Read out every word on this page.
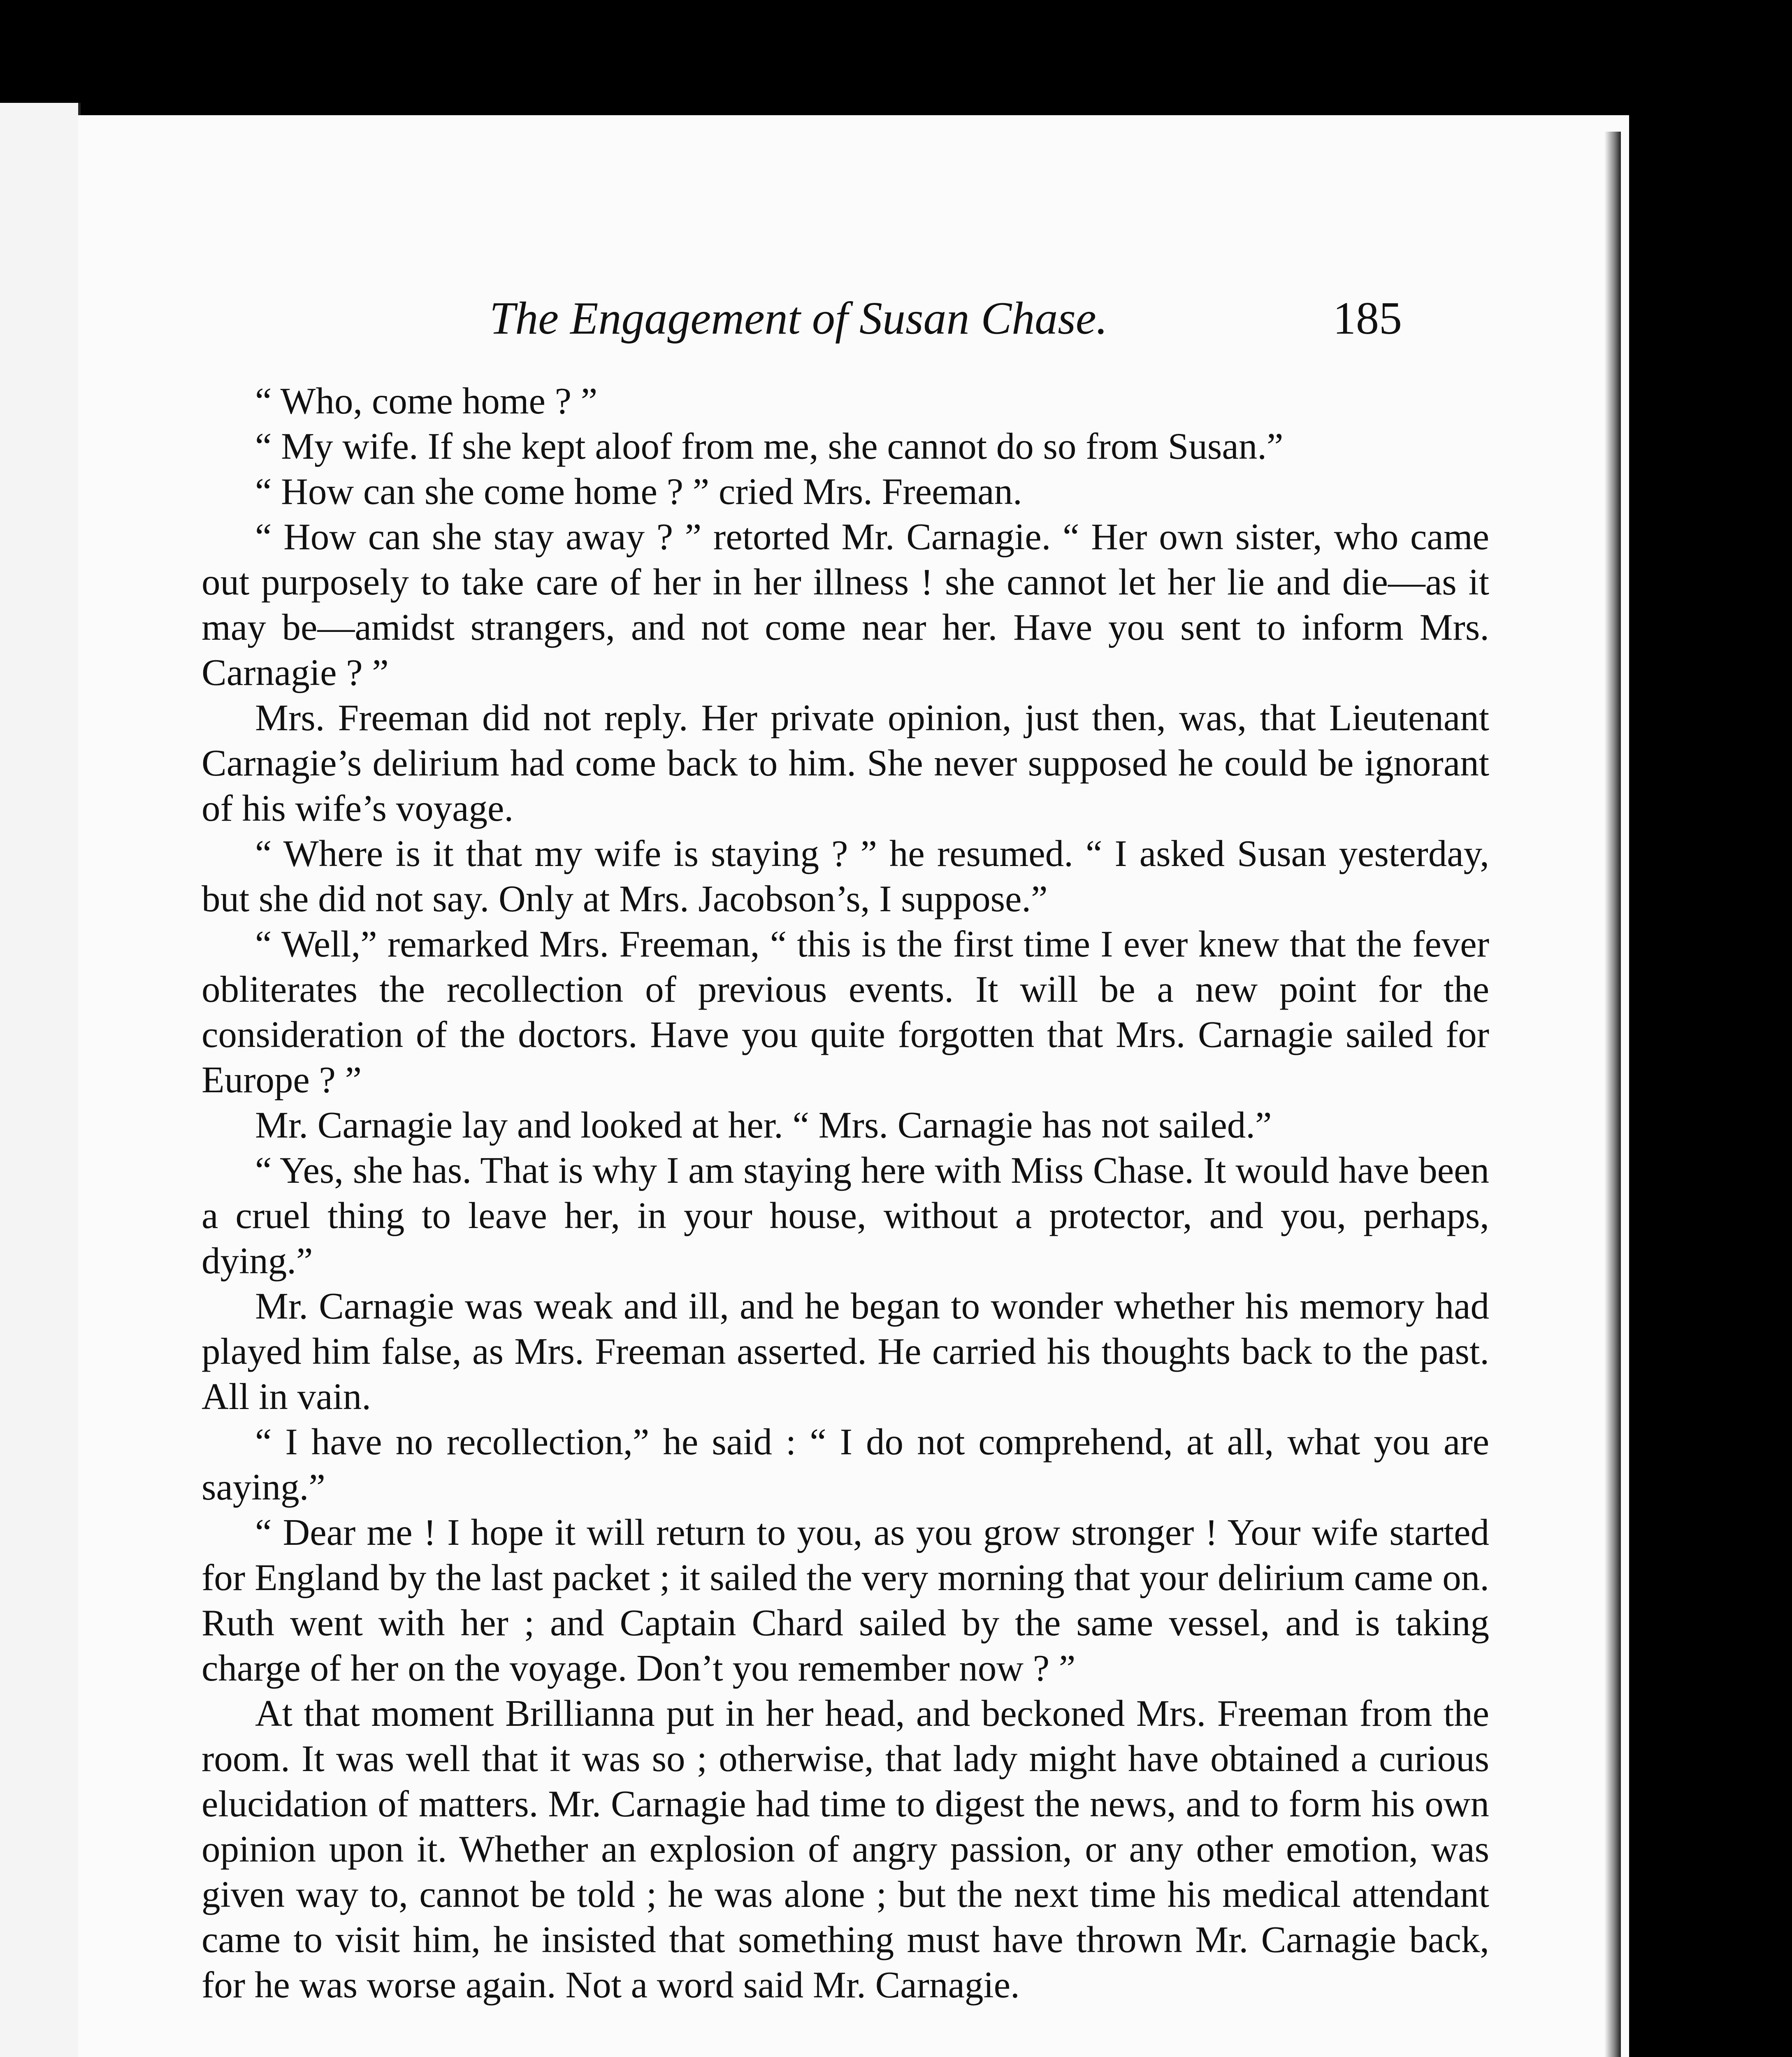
The Engagement of Susan Chase.	185

“ Who, come home ? ”

“ My wife. If she kept aloof from me, she cannot do so from Susan.”

“ How can she come home ? ” cried Mrs. Freeman.

“ How can she stay away ? ” retorted Mr. Carnagie. “ Her own sister, who came out purposely to take care of her in her illness ! she cannot let her lie and die—as it may be—amidst strangers, and not come near her. Have you sent to inform Mrs. Carnagie ? ”

Mrs. Freeman did not reply. Her private opinion, just then, was, that Lieutenant Carnagie’s delirium had come back to him. She never supposed he could be ignorant of his wife’s voyage.

“ Where is it that my wife is staying ? ” he resumed. “ I asked Susan yesterday, but she did not say. Only at Mrs. Jacobson’s, I suppose.”

“ Well,” remarked Mrs. Freeman, “ this is the first time I ever knew that the fever obliterates the recollection of previous events. It will be a new point for the consideration of the doctors. Have you quite forgotten that Mrs. Carnagie sailed for Europe ? ”

Mr. Carnagie lay and looked at her. “ Mrs. Carnagie has not sailed.”

“ Yes, she has. That is why I am staying here with Miss Chase. It would have been a cruel thing to leave her, in your house, without a protector, and you, perhaps, dying.”

Mr. Carnagie was weak and ill, and he began to wonder whether his memory had played him false, as Mrs. Freeman asserted. He carried his thoughts back to the past. All in vain.

“ I have no recollection,” he said : “ I do not comprehend, at all, what you are saying.”

“ Dear me ! I hope it will return to you, as you grow stronger ! Your wife started for England by the last packet ; it sailed the very morning that your delirium came on. Ruth went with her ; and Captain Chard sailed by the same vessel, and is taking charge of her on the voyage. Don’t you remember now ? ”

At that moment Brillianna put in her head, and beckoned Mrs. Freeman from the room. It was well that it was so ; otherwise, that lady might have obtained a curious elucidation of matters. Mr. Carnagie had time to digest the news, and to form his own opinion upon it. Whether an explosion of angry passion, or any other emotion, was given way to, cannot be told ; he was alone ; but the next time his medical attendant came to visit him, he insisted that something must have thrown Mr. Carnagie back, for he was worse again. Not a word said Mr. Carnagie.
